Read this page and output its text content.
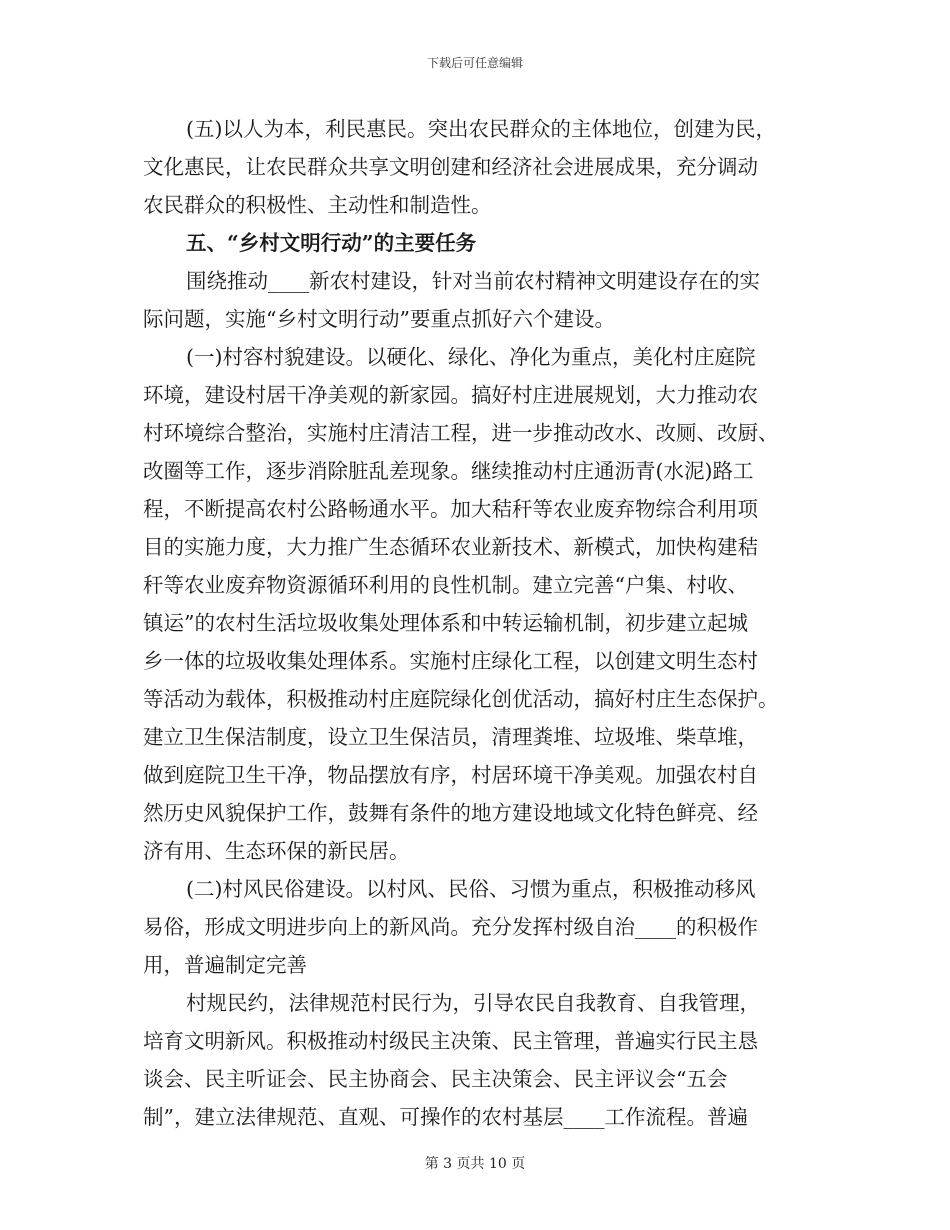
下载后可任意编辑
(五)以人为本，利民惠民。突出农民群众的主体地位，创建为民，
文化惠民，让农民群众共享文明创建和经济社会进展成果，充分调动
农民群众的积极性、主动性和制造性。
五、“乡村文明行动”的主要任务
围绕推动____新农村建设，针对当前农村精神文明建设存在的实
际问题，实施“乡村文明行动”要重点抓好六个建设。
(一)村容村貌建设。以硬化、绿化、净化为重点，美化村庄庭院
环境，建设村居干净美观的新家园。搞好村庄进展规划，大力推动农
村环境综合整治，实施村庄清洁工程，进一步推动改水、改厕、改厨、
改圈等工作，逐步消除脏乱差现象。继续推动村庄通沥青(水泥)路工
程，不断提高农村公路畅通水平。加大秸秆等农业废弃物综合利用项
目的实施力度，大力推广生态循环农业新技术、新模式，加快构建秸
秆等农业废弃物资源循环利用的良性机制。建立完善“户集、村收、
镇运”的农村生活垃圾收集处理体系和中转运输机制，初步建立起城
乡一体的垃圾收集处理体系。实施村庄绿化工程，以创建文明生态村
等活动为载体，积极推动村庄庭院绿化创优活动，搞好村庄生态保护。
建立卫生保洁制度，设立卫生保洁员，清理粪堆、垃圾堆、柴草堆，
做到庭院卫生干净，物品摆放有序，村居环境干净美观。加强农村自
然历史风貌保护工作，鼓舞有条件的地方建设地域文化特色鲜亮、经
济有用、生态环保的新民居。
(二)村风民俗建设。以村风、民俗、习惯为重点，积极推动移风
易俗，形成文明进步向上的新风尚。充分发挥村级自治____的积极作
用，普遍制定完善
村规民约，法律规范村民行为，引导农民自我教育、自我管理，
培育文明新风。积极推动村级民主决策、民主管理，普遍实行民主恳
谈会、民主听证会、民主协商会、民主决策会、民主评议会“五会
制”，建立法律规范、直观、可操作的农村基层____工作流程。普遍
第 3 页共 10 页
